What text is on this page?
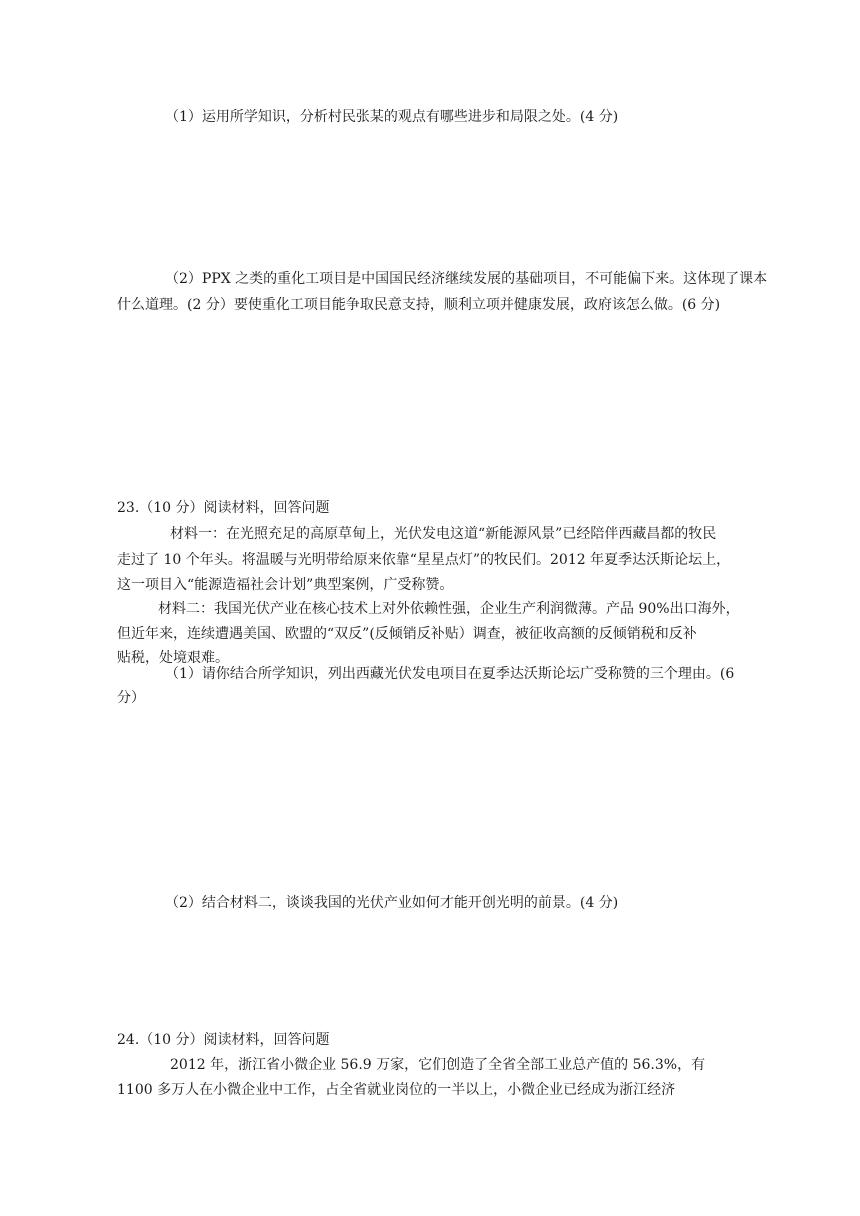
（1）运用所学知识，分析村民张某的观点有哪些进步和局限之处。(4 分)
（2）PPX 之类的重化工项目是中国国民经济继续发展的基础项目，不可能偏下来。这体现了课本
什么道理。(2 分）要使重化工项目能争取民意支持，顺利立项并健康发展，政府该怎么做。(6 分)
23.（10 分）阅读材料，回答问题
材料一：在光照充足的高原草甸上，光伏发电这道“新能源风景”已经陪伴西藏昌都的牧民
走过了 10 个年头。将温暖与光明带给原来依靠“星星点灯”的牧民们。2012 年夏季达沃斯论坛上，
这一项目入“能源造福社会计划”典型案例，广受称赞。
材料二：我国光伏产业在核心技术上对外依赖性强，企业生产利润微薄。产品 90%出口海外，
但近年来，连续遭遇美国、欧盟的“双反”(反倾销反补贴）调查，被征收高额的反倾销税和反补
贴税，处境艰难。
（1）请你结合所学知识，列出西藏光伏发电项目在夏季达沃斯论坛广受称赞的三个理由。(6
分）
（2）结合材料二，谈谈我国的光伏产业如何才能开创光明的前景。(4 分)
24.（10 分）阅读材料，回答问题
2012 年，浙江省小微企业 56.9 万家，它们创造了全省全部工业总产值的 56.3%，有
1100 多万人在小微企业中工作，占全省就业岗位的一半以上，小微企业已经成为浙江经济
